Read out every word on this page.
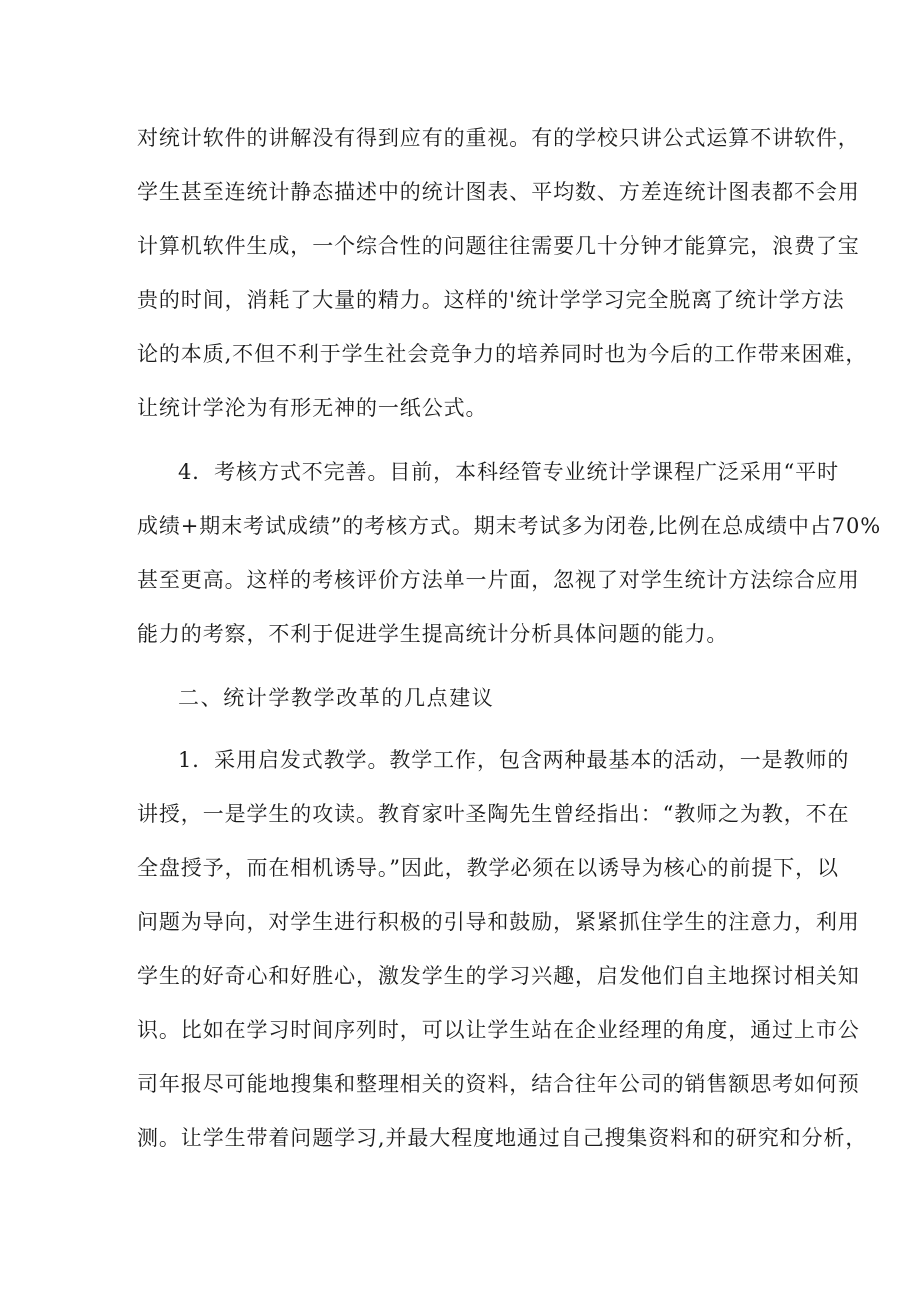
对统计软件的讲解没有得到应有的重视。有的学校只讲公式运算不讲软件，
学生甚至连统计静态描述中的统计图表、平均数、方差连统计图表都不会用
计算机软件生成，一个综合性的问题往往需要几十分钟才能算完，浪费了宝
贵的时间，消耗了大量的精力。这样的'统计学学习完全脱离了统计学方法
论的本质,不但不利于学生社会竞争力的培养同时也为今后的工作带来困难，
让统计学沦为有形无神的一纸公式。
4．考核方式不完善。目前，本科经管专业统计学课程广泛采用“平时
成绩+期末考试成绩”的考核方式。期末考试多为闭卷,比例在总成绩中占70%
甚至更高。这样的考核评价方法单一片面，忽视了对学生统计方法综合应用
能力的考察，不利于促进学生提高统计分析具体问题的能力。
二、统计学教学改革的几点建议
1．采用启发式教学。教学工作，包含两种最基本的活动，一是教师的
讲授，一是学生的攻读。教育家叶圣陶先生曾经指出：“教师之为教，不在
全盘授予，而在相机诱导。”因此，教学必须在以诱导为核心的前提下，以
问题为导向，对学生进行积极的引导和鼓励，紧紧抓住学生的注意力，利用
学生的好奇心和好胜心，激发学生的学习兴趣，启发他们自主地探讨相关知
识。比如在学习时间序列时，可以让学生站在企业经理的角度，通过上市公
司年报尽可能地搜集和整理相关的资料，结合往年公司的销售额思考如何预
测。让学生带着问题学习,并最大程度地通过自己搜集资料和的研究和分析，
